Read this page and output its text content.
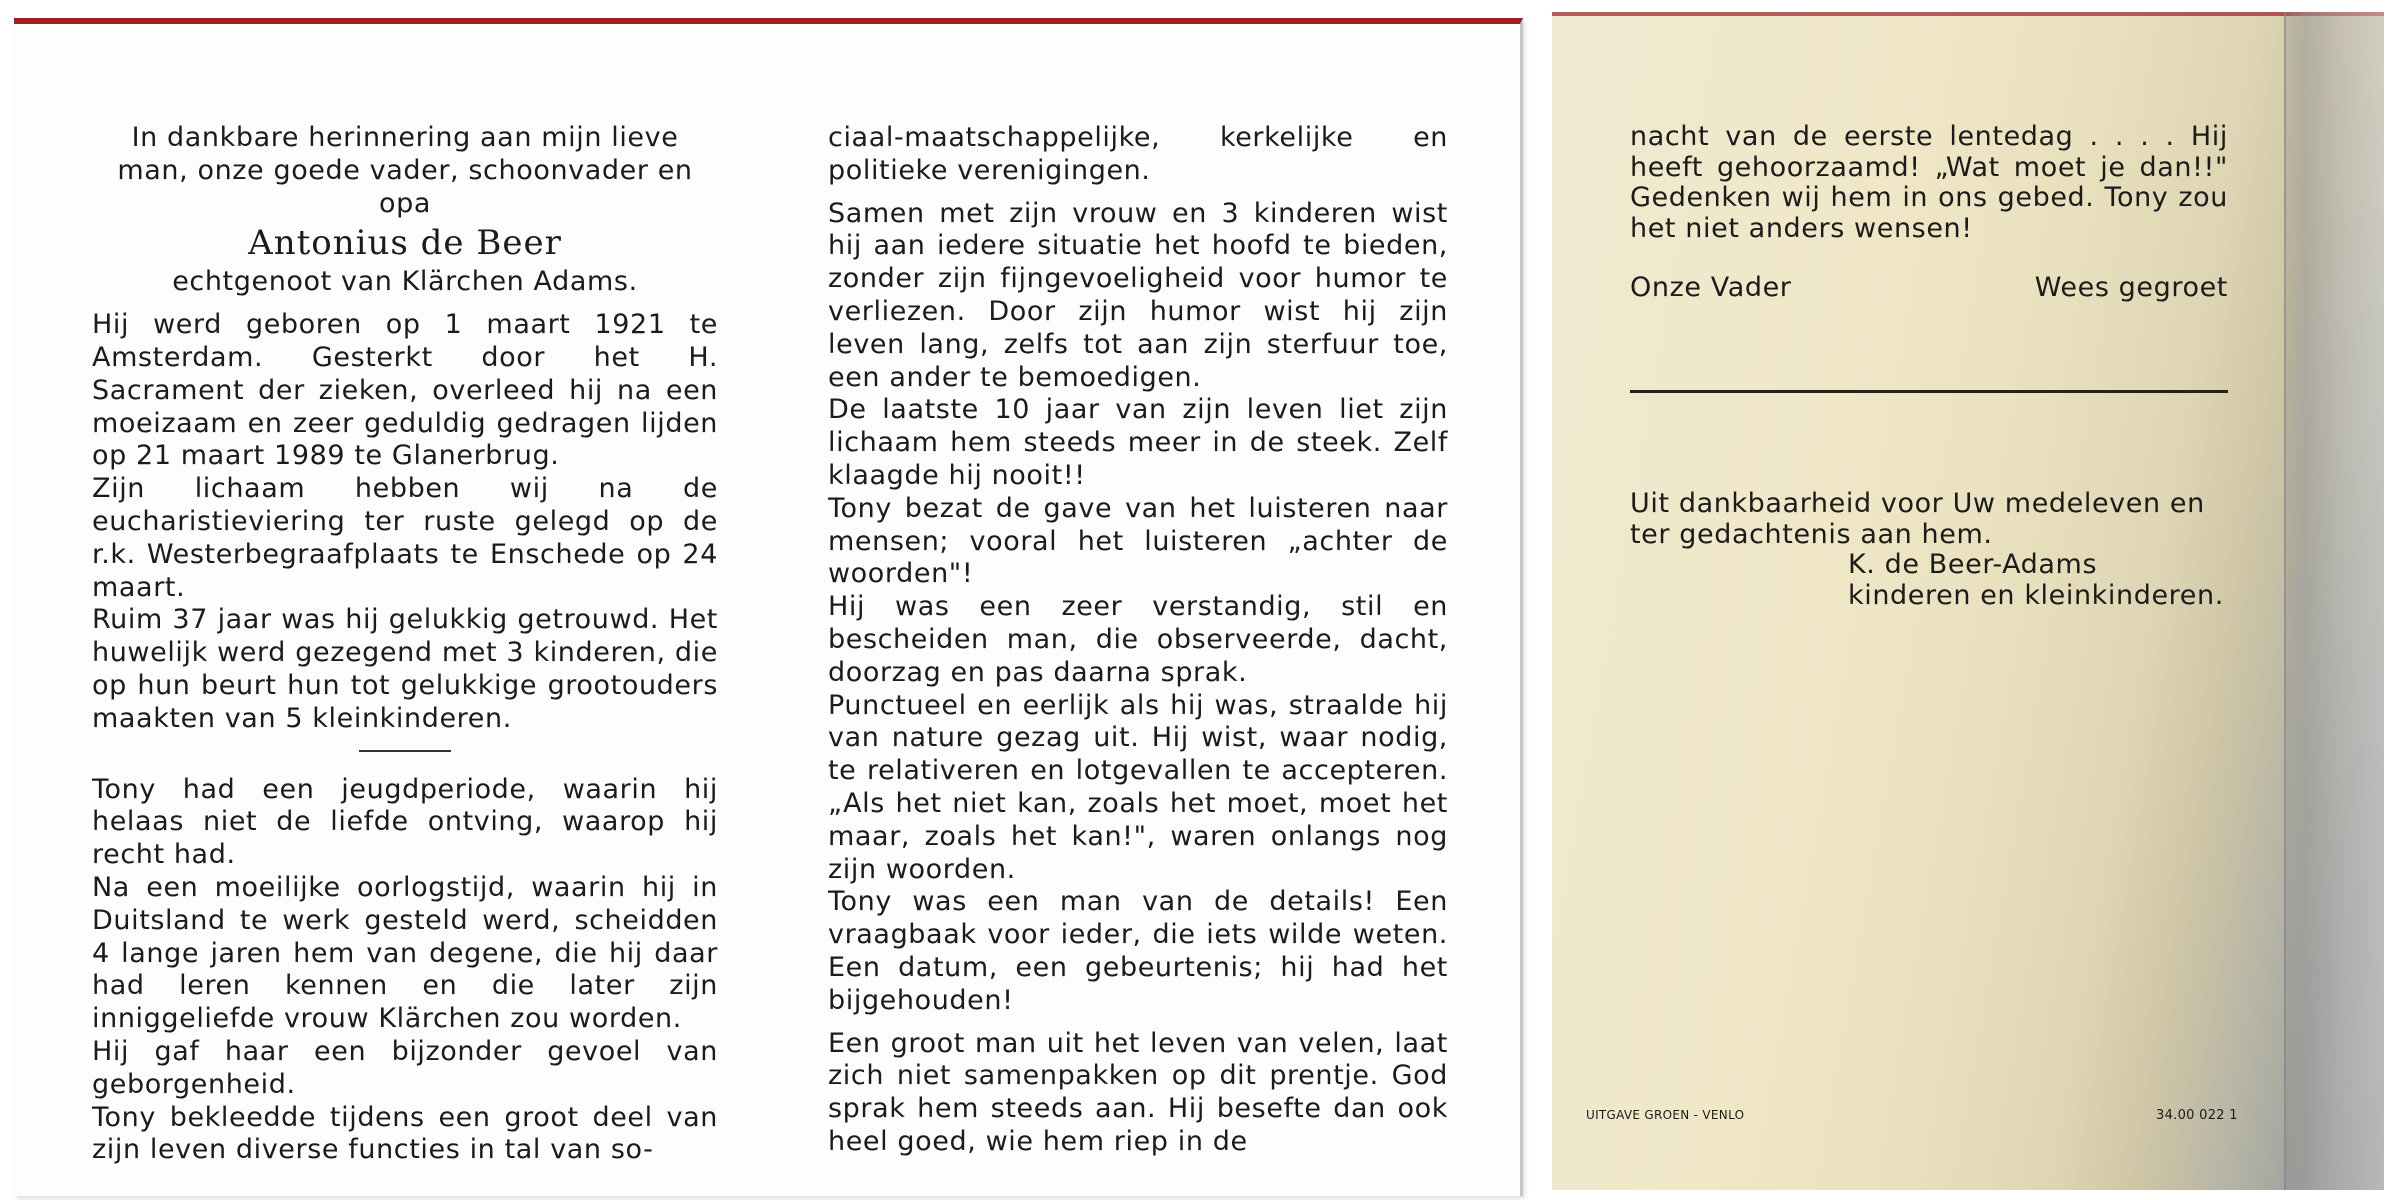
In dankbare herinnering aan mijn lieve man, onze goede vader, schoonvader en opa

Antonius de Beer

echtgenoot van Klärchen Adams.

Hij werd geboren op 1 maart 1921 te Amsterdam. Gesterkt door het H. Sacrament der zieken, overleed hij na een moeizaam en zeer geduldig gedragen lijden op 21 maart 1989 te Glanerbrug.

Zijn lichaam hebben wij na de eucharistieviering ter ruste gelegd op de r.k. Westerbegraafplaats te Enschede op 24 maart.

Ruim 37 jaar was hij gelukkig getrouwd. Het huwelijk werd gezegend met 3 kinderen, die op hun beurt hun tot gelukkige grootouders maakten van 5 kleinkinderen.

Tony had een jeugdperiode, waarin hij helaas niet de liefde ontving, waarop hij recht had.

Na een moeilijke oorlogstijd, waarin hij in Duitsland te werk gesteld werd, scheidden 4 lange jaren hem van degene, die hij daar had leren kennen en die later zijn inniggeliefde vrouw Klärchen zou worden.

Hij gaf haar een bijzonder gevoel van geborgenheid.

Tony bekleedde tijdens een groot deel van zijn leven diverse functies in tal van so-

ciaal-maatschappelijke, kerkelijke en politieke verenigingen.

Samen met zijn vrouw en 3 kinderen wist hij aan iedere situatie het hoofd te bieden, zonder zijn fijngevoeligheid voor humor te verliezen. Door zijn humor wist hij zijn leven lang, zelfs tot aan zijn sterfuur toe, een ander te bemoedigen.

De laatste 10 jaar van zijn leven liet zijn lichaam hem steeds meer in de steek. Zelf klaagde hij nooit!!

Tony bezat de gave van het luisteren naar mensen; vooral het luisteren „achter de woorden"!

Hij was een zeer verstandig, stil en bescheiden man, die observeerde, dacht, doorzag en pas daarna sprak.

Punctueel en eerlijk als hij was, straalde hij van nature gezag uit. Hij wist, waar nodig, te relativeren en lotgevallen te accepteren. „Als het niet kan, zoals het moet, moet het maar, zoals het kan!", waren onlangs nog zijn woorden.

Tony was een man van de details! Een vraagbaak voor ieder, die iets wilde weten. Een datum, een gebeurtenis; hij had het bijgehouden!

Een groot man uit het leven van velen, laat zich niet samenpakken op dit prentje. God sprak hem steeds aan. Hij besefte dan ook heel goed, wie hem riep in de

nacht van de eerste lentedag . . . . Hij heeft gehoorzaamd! „Wat moet je dan!!" Gedenken wij hem in ons gebed. Tony zou het niet anders wensen!

Onze Vader	Wees gegroet

Uit dankbaarheid voor Uw medeleven en ter gedachtenis aan hem.

K. de Beer-Adams

kinderen en kleinkinderen.

UITGAVE GROEN - VENLO	34.00 022 1
